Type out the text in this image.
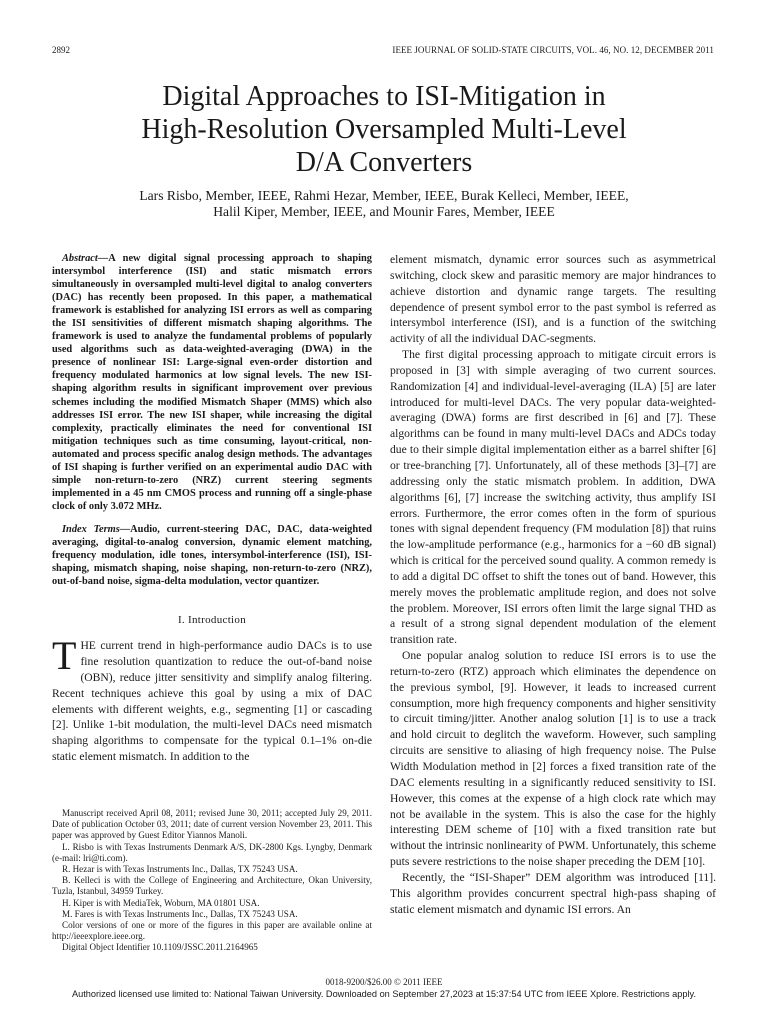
2892	IEEE JOURNAL OF SOLID-STATE CIRCUITS, VOL. 46, NO. 12, DECEMBER 2011
Digital Approaches to ISI-Mitigation in
High-Resolution Oversampled Multi-Level
D/A Converters
Lars Risbo, Member, IEEE, Rahmi Hezar, Member, IEEE, Burak Kelleci, Member, IEEE,
Halil Kiper, Member, IEEE, and Mounir Fares, Member, IEEE

Abstract—A new digital signal processing approach to shaping intersymbol interference (ISI) and static mismatch errors simultaneously in oversampled multi-level digital to analog converters (DAC) has recently been proposed. In this paper, a mathematical framework is established for analyzing ISI errors as well as comparing the ISI sensitivities of different mismatch shaping algorithms. The framework is used to analyze the fundamental problems of popularly used algorithms such as data-weighted-averaging (DWA) in the presence of nonlinear ISI: Large-signal even-order distortion and frequency modulated harmonics at low signal levels. The new ISI-shaping algorithm results in significant improvement over previous schemes including the modified Mismatch Shaper (MMS) which also addresses ISI error. The new ISI shaper, while increasing the digital complexity, practically eliminates the need for conventional ISI mitigation techniques such as time consuming, layout-critical, non-automated and process specific analog design methods. The advantages of ISI shaping is further verified on an experimental audio DAC with simple non-return-to-zero (NRZ) current steering segments implemented in a 45 nm CMOS process and running off a single-phase clock of only 3.072 MHz.

Index Terms—Audio, current-steering DAC, DAC, data-weighted averaging, digital-to-analog conversion, dynamic element matching, frequency modulation, idle tones, intersymbol-interference (ISI), ISI-shaping, mismatch shaping, noise shaping, non-return-to-zero (NRZ), out-of-band noise, sigma-delta modulation, vector quantizer.

I. Introduction

THE current trend in high-performance audio DACs is to use fine resolution quantization to reduce the out-of-band noise (OBN), reduce jitter sensitivity and simplify analog filtering. Recent techniques achieve this goal by using a mix of DAC elements with different weights, e.g., segmenting [1] or cascading [2]. Unlike 1-bit modulation, the multi-level DACs need mismatch shaping algorithms to compensate for the typical 0.1–1% on-die static element mismatch. In addition to the

Manuscript received April 08, 2011; revised June 30, 2011; accepted July 29, 2011. Date of publication October 03, 2011; date of current version November 23, 2011. This paper was approved by Guest Editor Yiannos Manoli.

L. Risbo is with Texas Instruments Denmark A/S, DK-2800 Kgs. Lyngby, Denmark (e-mail: lri@ti.com).

R. Hezar is with Texas Instruments Inc., Dallas, TX 75243 USA.

B. Kelleci is with the College of Engineering and Architecture, Okan University, Tuzla, Istanbul, 34959 Turkey.

H. Kiper is with MediaTek, Woburn, MA 01801 USA.

M. Fares is with Texas Instruments Inc., Dallas, TX 75243 USA.

Color versions of one or more of the figures in this paper are available online at http://ieeexplore.ieee.org.

Digital Object Identifier 10.1109/JSSC.2011.2164965

element mismatch, dynamic error sources such as asymmetrical switching, clock skew and parasitic memory are major hindrances to achieve distortion and dynamic range targets. The resulting dependence of present symbol error to the past symbol is referred as intersymbol interference (ISI), and is a function of the switching activity of all the individual DAC-segments.

The first digital processing approach to mitigate circuit errors is proposed in [3] with simple averaging of two current sources. Randomization [4] and individual-level-averaging (ILA) [5] are later introduced for multi-level DACs. The very popular data-weighted-averaging (DWA) forms are first described in [6] and [7]. These algorithms can be found in many multi-level DACs and ADCs today due to their simple digital implementation either as a barrel shifter [6] or tree-branching [7]. Unfortunately, all of these methods [3]–[7] are addressing only the static mismatch problem. In addition, DWA algorithms [6], [7] increase the switching activity, thus amplify ISI errors. Furthermore, the error comes often in the form of spurious tones with signal dependent frequency (FM modulation [8]) that ruins the low-amplitude performance (e.g., harmonics for a −60 dB signal) which is critical for the perceived sound quality. A common remedy is to add a digital DC offset to shift the tones out of band. However, this merely moves the problematic amplitude region, and does not solve the problem. Moreover, ISI errors often limit the large signal THD as a result of a strong signal dependent modulation of the element transition rate.

One popular analog solution to reduce ISI errors is to use the return-to-zero (RTZ) approach which eliminates the dependence on the previous symbol, [9]. However, it leads to increased current consumption, more high frequency components and higher sensitivity to circuit timing/jitter. Another analog solution [1] is to use a track and hold circuit to deglitch the waveform. However, such sampling circuits are sensitive to aliasing of high frequency noise. The Pulse Width Modulation method in [2] forces a fixed transition rate of the DAC elements resulting in a significantly reduced sensitivity to ISI. However, this comes at the expense of a high clock rate which may not be available in the system. This is also the case for the highly interesting DEM scheme of [10] with a fixed transition rate but without the intrinsic nonlinearity of PWM. Unfortunately, this scheme puts severe restrictions to the noise shaper preceding the DEM [10].

Recently, the “ISI-Shaper” DEM algorithm was introduced [11]. This algorithm provides concurrent spectral high-pass shaping of static element mismatch and dynamic ISI errors. An

0018-9200/$26.00 © 2011 IEEE
Authorized licensed use limited to: National Taiwan University. Downloaded on September 27,2023 at 15:37:54 UTC from IEEE Xplore. Restrictions apply.
